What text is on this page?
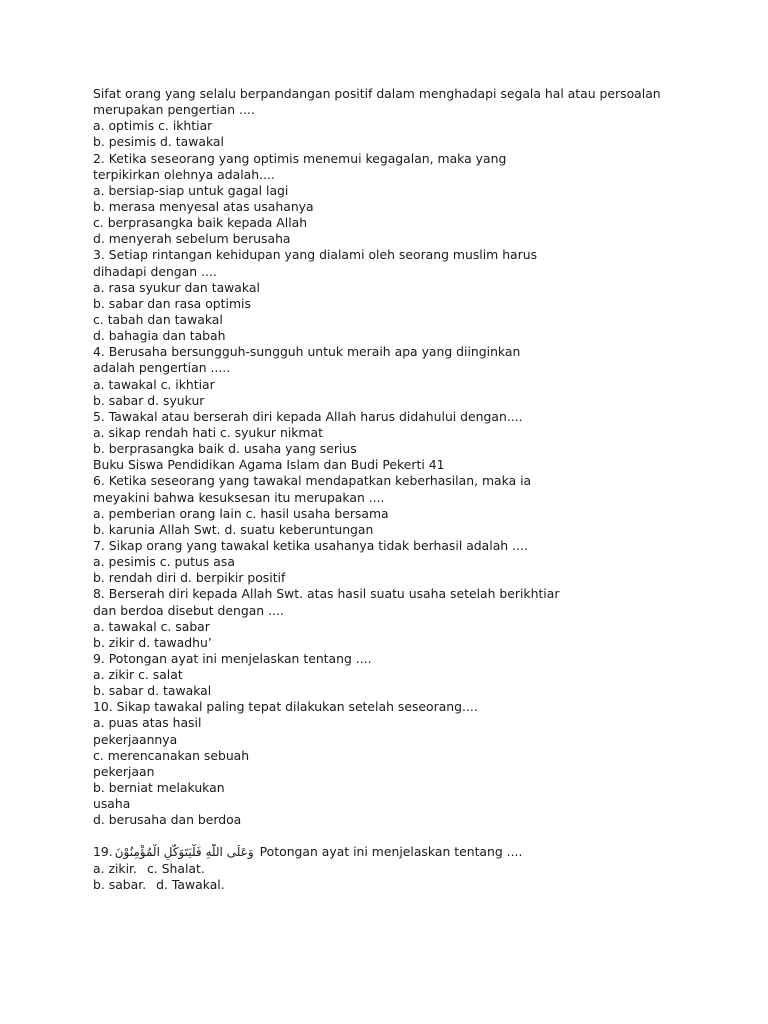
Sifat orang yang selalu berpandangan positif dalam menghadapi segala hal atau persoalan
merupakan pengertian ....
a. optimis c. ikhtiar
b. pesimis d. tawakal
2. Ketika seseorang yang optimis menemui kegagalan, maka yang
terpikirkan olehnya adalah....
a. bersiap-siap untuk gagal lagi
b. merasa menyesal atas usahanya
c. berprasangka baik kepada Allah
d. menyerah sebelum berusaha
3. Setiap rintangan kehidupan yang dialami oleh seorang muslim harus
dihadapi dengan ....
a. rasa syukur dan tawakal
b. sabar dan rasa optimis
c. tabah dan tawakal
d. bahagia dan tabah
4. Berusaha bersungguh-sungguh untuk meraih apa yang diinginkan
adalah pengertian .....
a. tawakal c. ikhtiar
b. sabar d. syukur
5. Tawakal atau berserah diri kepada Allah harus didahului dengan....
a. sikap rendah hati c. syukur nikmat
b. berprasangka baik d. usaha yang serius
Buku Siswa Pendidikan Agama Islam dan Budi Pekerti 41
6. Ketika seseorang yang tawakal mendapatkan keberhasilan, maka ia
meyakini bahwa kesuksesan itu merupakan ....
a. pemberian orang lain c. hasil usaha bersama
b. karunia Allah Swt. d. suatu keberuntungan
7. Sikap orang yang tawakal ketika usahanya tidak berhasil adalah ....
a. pesimis c. putus asa
b. rendah diri d. berpikir positif
8. Berserah diri kepada Allah Swt. atas hasil suatu usaha setelah berikhtiar
dan berdoa disebut dengan ....
a. tawakal c. sabar
b. zikir d. tawadhu’
9. Potongan ayat ini menjelaskan tentang ....
a. zikir c. salat
b. sabar d. tawakal
10. Sikap tawakal paling tepat dilakukan setelah seseorang....
a. puas atas hasil
pekerjaannya
c. merencanakan sebuah
pekerjaan
b. berniat melakukan
usaha
d. berusaha dan berdoa
19. وَعَلَى اللّٰهِ فَلْيَتَوَكَّلِ الْمُؤْمِنُوْنَ Potongan ayat ini menjelaskan tentang ....
a. zikir. c. Shalat.
b. sabar. d. Tawakal.
